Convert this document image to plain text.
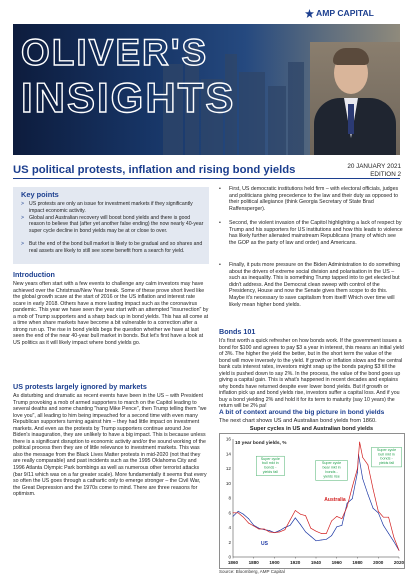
AMP CAPITAL
OLIVER'S
INSIGHTS
US political protests, inflation and rising bond yields	20 JANUARY 2021
EDITION 2
Key points
> US protests are only an issue for investment markets if they significantly impact economic activity.
> Global and Australian recovery will boost bond yields and there is good reason to believe that (after yet another false ending) the now nearly 40-year super cycle decline in bond yields may be at or close to over.
> But the end of the bond bull market is likely to be gradual and so shares and real assets are likely to still see some benefit from a search for yield.
Introduction
New years often start with a few events to challenge any calm investors may have achieved over the Christmas/New Year break. Some of these prove short lived like the global growth scare at the start of 2016 or the US inflation and interest rate scare in early 2018. Others have a more lasting impact such as the coronavirus pandemic. This year we have seen the year start with an attempted "insurrection" by a mob of Trump supporters and a sharp back up in bond yields. This has all come at a time when share markets have become a bit vulnerable to a correction after a strong run up. The rise in bond yields begs the question whether we have at last seen the end of the near 40-year bull market in bonds. But let's first have a look at US politics as it will likely impact where bond yields go.
US protests largely ignored by markets
As disturbing and dramatic as recent events have been in the US – with President Trump provoking a mob of armed supporters to march on the Capitol leading to several deaths and some chanting "hang Mike Pence", then Trump telling them "we love you", all leading to him being impeached for a second time with even many Republican supporters turning against him – they had little impact on investment markets. And even as the protests by Trump supporters continue around Joe Biden's inauguration, they are unlikely to have a big impact. This is because unless there is a significant disruption to economic activity and/or the sound working of the political process then they are of little relevance to investment markets. This was also the message from the Black Lives Matter protests in mid-2020 (not that they are really comparable) and past incidents such as the 1995 Oklahoma City and 1996 Atlanta Olympic Park bombings as well as numerous other terrorist attacks (bar 9/11 which was on a far greater scale). More fundamentally it seems that every so often the US goes through a cathartic only to emerge stronger – the Civil War, the Great Depression and the 1970s come to mind. There are three reasons for optimism.
• First, US democratic institutions held firm – with electoral officials, judges and politicians giving precedence to the law and their duty as opposed to their political allegiance (think Georgia Secretary of State Brad Raffensperger).
• Second, the violent invasion of the Capitol highlighting a lack of respect by Trump and his supporters for US institutions and how this leads to violence has likely further alienated mainstream Republicans (many of which see the GOP as the party of law and order) and Americans.
• Finally, it puts more pressure on the Biden Administration to do something about the drivers of extreme social division and polarisation in the US – such as inequality. This is something Trump tapped into to get elected but didn't address. And the Democrat clean sweep with control of the Presidency, House and now the Senate gives them scope to do this. Maybe it's necessary to save capitalism from itself! Which over time will likely mean higher bond yields.
Bonds 101
It's first worth a quick refresher on how bonds work. If the government issues a bond for $100 and agrees to pay $3 a year in interest, this means an initial yield of 3%. The higher the yield the better, but in the short term the value of the bond will move inversely to the yield. If growth or inflation slows and the central bank cuts interest rates, investors might snap up the bonds paying $3 till the yield is pushed down to say 2%. In the process, the value of the bond goes up giving a capital gain. This is what's happened in recent decades and explains why bonds have returned despite ever lower bond yields. But if growth or inflation pick up and bond yields rise, investors suffer a capital loss. And if you buy a bond yielding 2% and hold it for its term to maturity (say 10 years) the return will be 2% pa!
A bit of context around the big picture in bond yields
The next chart shows US and Australian bond yields from 1860.
Super cycles in US and Australian bond yields
0
2
4
6
8
10
12
14
16
1860 1880 1900 1920 1940 1960 1980 2000 2020
10 year bond yields, %
US
Australia
Super cycle bear mkt in bonds -yields rise
Super cycle bull mkt in bonds -yields fall
Super cycle bull mkt in bonds -yields fall
Source: Bloomberg, AMP Capital
